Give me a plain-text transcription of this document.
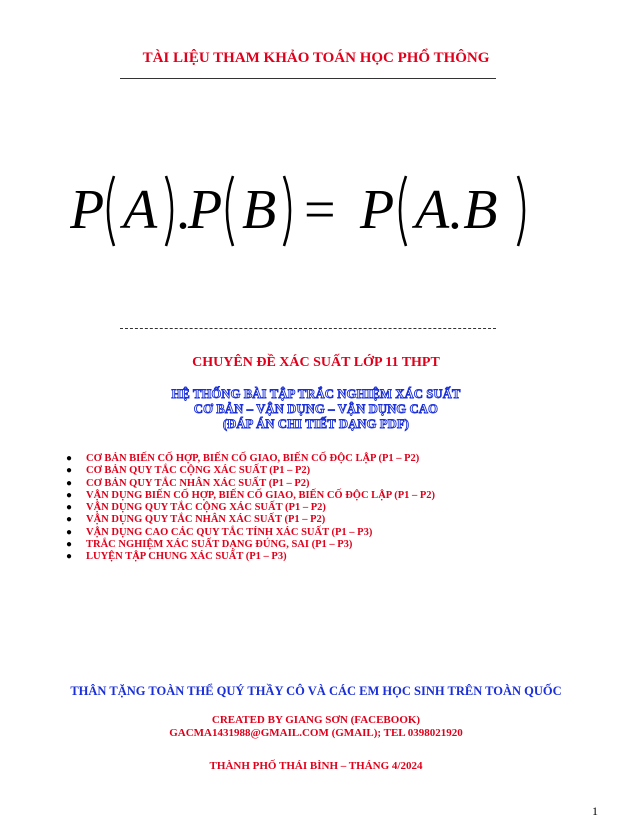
TÀI LIỆU THAM KHẢO TOÁN HỌC PHỔ THÔNG
P A .
P B = P A.B
CHUYÊN ĐỀ XÁC SUẤT LỚP 11 THPT
HỆ THỐNG BÀI TẬP TRẮC NGHIỆM XÁC SUẤT
CƠ BẢN – VẬN DỤNG – VẬN DỤNG CAO
(ĐÁP ÁN CHI TIẾT DẠNG PDF)
● CƠ BẢN BIẾN CỐ HỢP, BIẾN CỐ GIAO, BIẾN CỐ ĐỘC LẬP (P1 – P2)
● CƠ BẢN QUY TẮC CỘNG XÁC SUẤT (P1 – P2)
● CƠ BẢN QUY TẮC NHÂN XÁC SUẤT (P1 – P2)
● VẬN DỤNG BIẾN CỐ HỢP, BIẾN CỐ GIAO, BIẾN CỐ ĐỘC LẬP (P1 – P2)
● VẬN DỤNG QUY TẮC CỘNG XÁC SUẤT (P1 – P2)
● VẬN DỤNG QUY TẮC NHÂN XÁC SUẤT (P1 – P2)
● VẬN DỤNG CAO CÁC QUY TẮC TÍNH XÁC SUẤT (P1 – P3)
● TRẮC NGHIỆM XÁC SUẤT DẠNG ĐÚNG, SAI (P1 – P3)
● LUYỆN TẬP CHUNG XÁC SUẤT (P1 – P3)
THÂN TẶNG TOÀN THỂ QUÝ THẦY CÔ VÀ CÁC EM HỌC SINH TRÊN TOÀN QUỐC
CREATED BY GIANG SƠN (FACEBOOK)
GACMA1431988@GMAIL.COM (GMAIL); TEL 0398021920
THÀNH PHỐ THÁI BÌNH – THÁNG 4/2024
1
